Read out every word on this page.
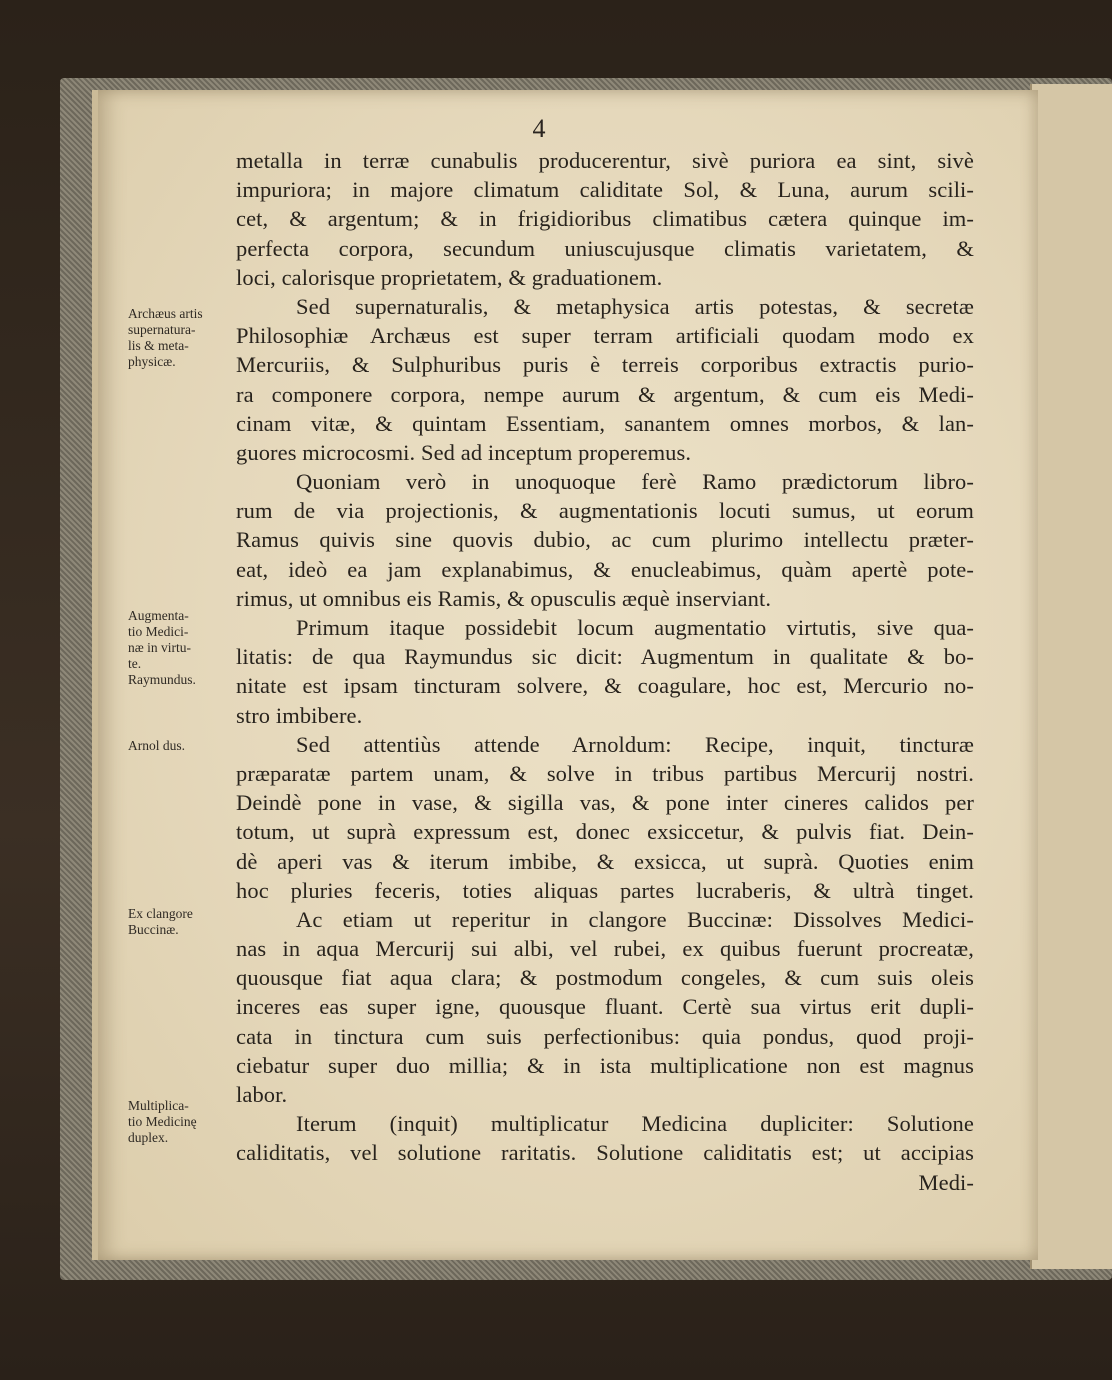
4
metalla in terræ cunabulis producerentur, sivè puriora ea sint, sivè
impuriora; in majore climatum caliditate Sol, & Luna, aurum scili-
cet, & argentum; & in frigidioribus climatibus cætera quinque im-
perfecta corpora, secundum uniuscujusque climatis varietatem, &
loci, calorisque proprietatem, & graduationem.
Sed supernaturalis, & metaphysica artis potestas, & secretæ
Philosophiæ Archæus est super terram artificiali quodam modo ex
Mercuriis, & Sulphuribus puris è terreis corporibus extractis purio-
ra componere corpora, nempe aurum & argentum, & cum eis Medi-
cinam vitæ, & quintam Essentiam, sanantem omnes morbos, & lan-
guores microcosmi. Sed ad inceptum properemus.
Quoniam verò in unoquoque ferè Ramo prædictorum libro-
rum de via projectionis, & augmentationis locuti sumus, ut eorum
Ramus quivis sine quovis dubio, ac cum plurimo intellectu præter-
eat, ideò ea jam explanabimus, & enucleabimus, quàm apertè pote-
rimus, ut omnibus eis Ramis, & opusculis æquè inserviant.
Primum itaque possidebit locum augmentatio virtutis, sive qua-
litatis: de qua Raymundus sic dicit: Augmentum in qualitate & bo-
nitate est ipsam tincturam solvere, & coagulare, hoc est, Mercurio no-
stro imbibere.
Sed attentiùs attende Arnoldum: Recipe, inquit, tincturæ
præparatæ partem unam, & solve in tribus partibus Mercurij nostri.
Deindè pone in vase, & sigilla vas, & pone inter cineres calidos per
totum, ut suprà expressum est, donec exsiccetur, & pulvis fiat. Dein-
dè aperi vas & iterum imbibe, & exsicca, ut suprà. Quoties enim
hoc pluries feceris, toties aliquas partes lucraberis, & ultrà tinget.
Ac etiam ut reperitur in clangore Buccinæ: Dissolves Medici-
nas in aqua Mercurij sui albi, vel rubei, ex quibus fuerunt procreatæ,
quousque fiat aqua clara; & postmodum congeles, & cum suis oleis
inceres eas super igne, quousque fluant. Certè sua virtus erit dupli-
cata in tinctura cum suis perfectionibus: quia pondus, quod proji-
ciebatur super duo millia; & in ista multiplicatione non est magnus
labor.
Iterum (inquit) multiplicatur Medicina dupliciter: Solutione
caliditatis, vel solutione raritatis. Solutione caliditatis est; ut accipias
Medi-
Archæus artis
supernatura-
lis & meta-
physicæ.
Augmenta-
tio Medici-
næ in virtu-
te.
Raymundus.
Arnol dus.
Ex clangore
Buccinæ.
Multiplica-
tio Medicinę
duplex.
